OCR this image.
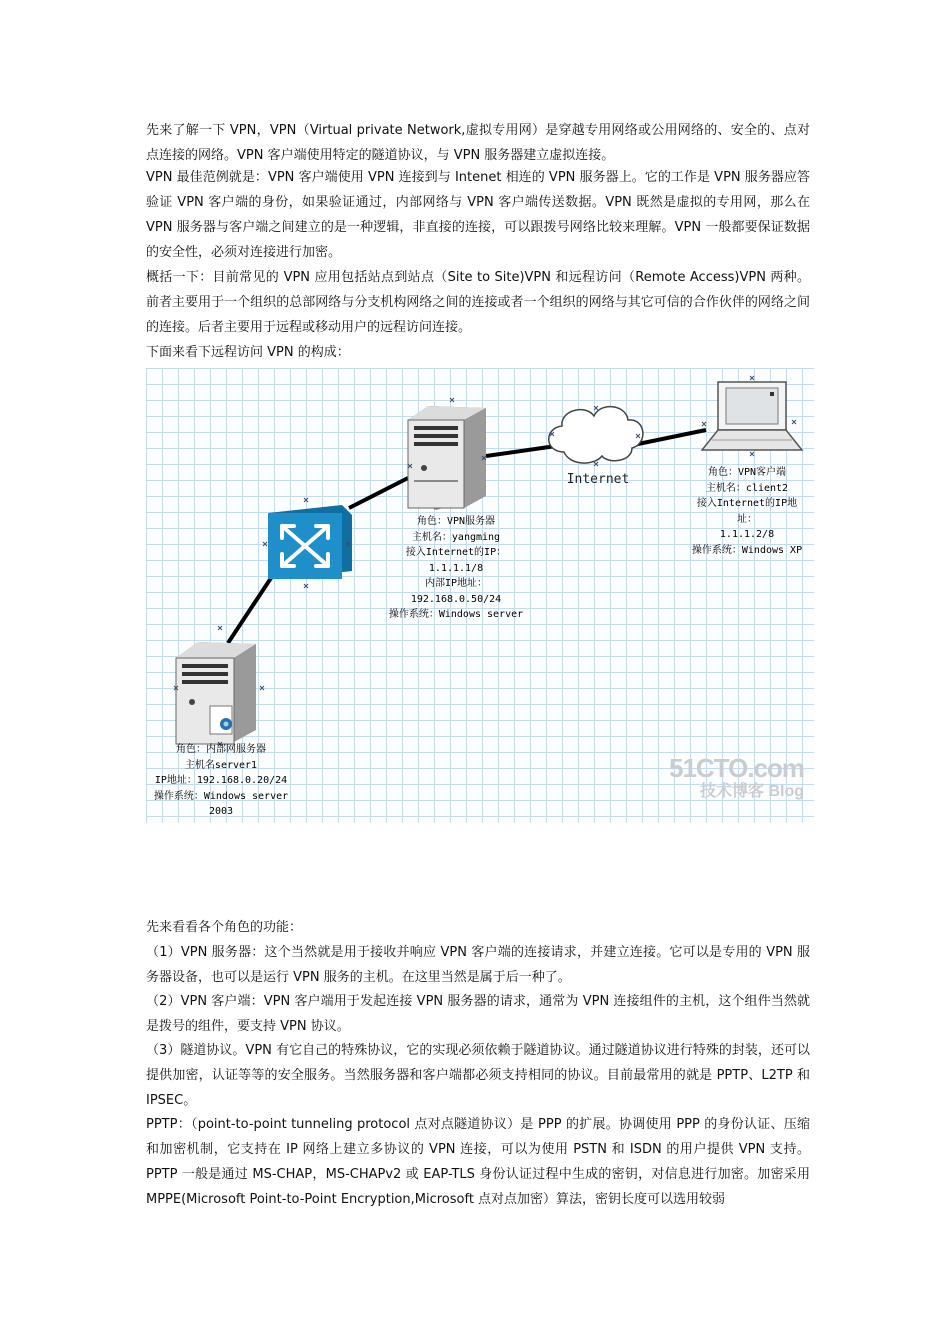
先来了解一下 VPN，VPN（Virtual private Network,虚拟专用网）是穿越专用网络或公用网络的、安全的、点对点连接的网络。VPN 客户端使用特定的隧道协议，与 VPN 服务器建立虚拟连接。

VPN 最佳范例就是：VPN 客户端使用 VPN 连接到与 Intenet 相连的 VPN 服务器上。它的工作是 VPN 服务器应答验证 VPN 客户端的身份，如果验证通过，内部网络与 VPN 客户端传送数据。VPN 既然是虚拟的专用网，那么在 VPN 服务器与客户端之间建立的是一种逻辑，非直接的连接，可以跟拨号网络比较来理解。VPN 一般都要保证数据的安全性，必须对连接进行加密。

概括一下：目前常见的 VPN 应用包括站点到站点（Site to Site)VPN 和远程访问（Remote Access)VPN 两种。前者主要用于一个组织的总部网络与分支机构网络之间的连接或者一个组织的网络与其它可信的合作伙伴的网络之间的连接。后者主要用于远程或移动用户的远程访问连接。

下面来看下远程访问 VPN 的构成：

Internet
角色：VPN服务器
主机名：yangming
接入Internet的IP：
1.1.1.1/8
内部IP地址：
192.168.0.50/24
操作系统：Windows server
角色：VPN客户端
主机名：client2
接入Internet的IP地
址：
1.1.1.2/8
操作系统：Windows XP
角色：内部网服务器
主机名server1
IP地址：192.168.0.20/24
操作系统：Windows server
2003
51CTO.com
技术博客 Blog

先来看看各个角色的功能：

（1）VPN 服务器：这个当然就是用于接收并响应 VPN 客户端的连接请求，并建立连接。它可以是专用的 VPN 服务器设备，也可以是运行 VPN 服务的主机。在这里当然是属于后一种了。

（2）VPN 客户端：VPN 客户端用于发起连接 VPN 服务器的请求，通常为 VPN 连接组件的主机，这个组件当然就是拨号的组件，要支持 VPN 协议。

（3）隧道协议。VPN 有它自己的特殊协议，它的实现必须依赖于隧道协议。通过隧道协议进行特殊的封装，还可以提供加密，认证等等的安全服务。当然服务器和客户端都必须支持相同的协议。目前最常用的就是 PPTP、L2TP 和 IPSEC。

PPTP：（point-to-point tunneling protocol 点对点隧道协议）是 PPP 的扩展。协调使用 PPP 的身份认证、压缩和加密机制，它支持在 IP 网络上建立多协议的 VPN 连接，可以为使用 PSTN 和 ISDN 的用户提供 VPN 支持。PPTP 一般是通过 MS-CHAP，MS-CHAPv2 或 EAP-TLS 身份认证过程中生成的密钥，对信息进行加密。加密采用 MPPE(Microsoft Point-to-Point Encryption,Microsoft 点对点加密）算法，密钥长度可以选用较弱
